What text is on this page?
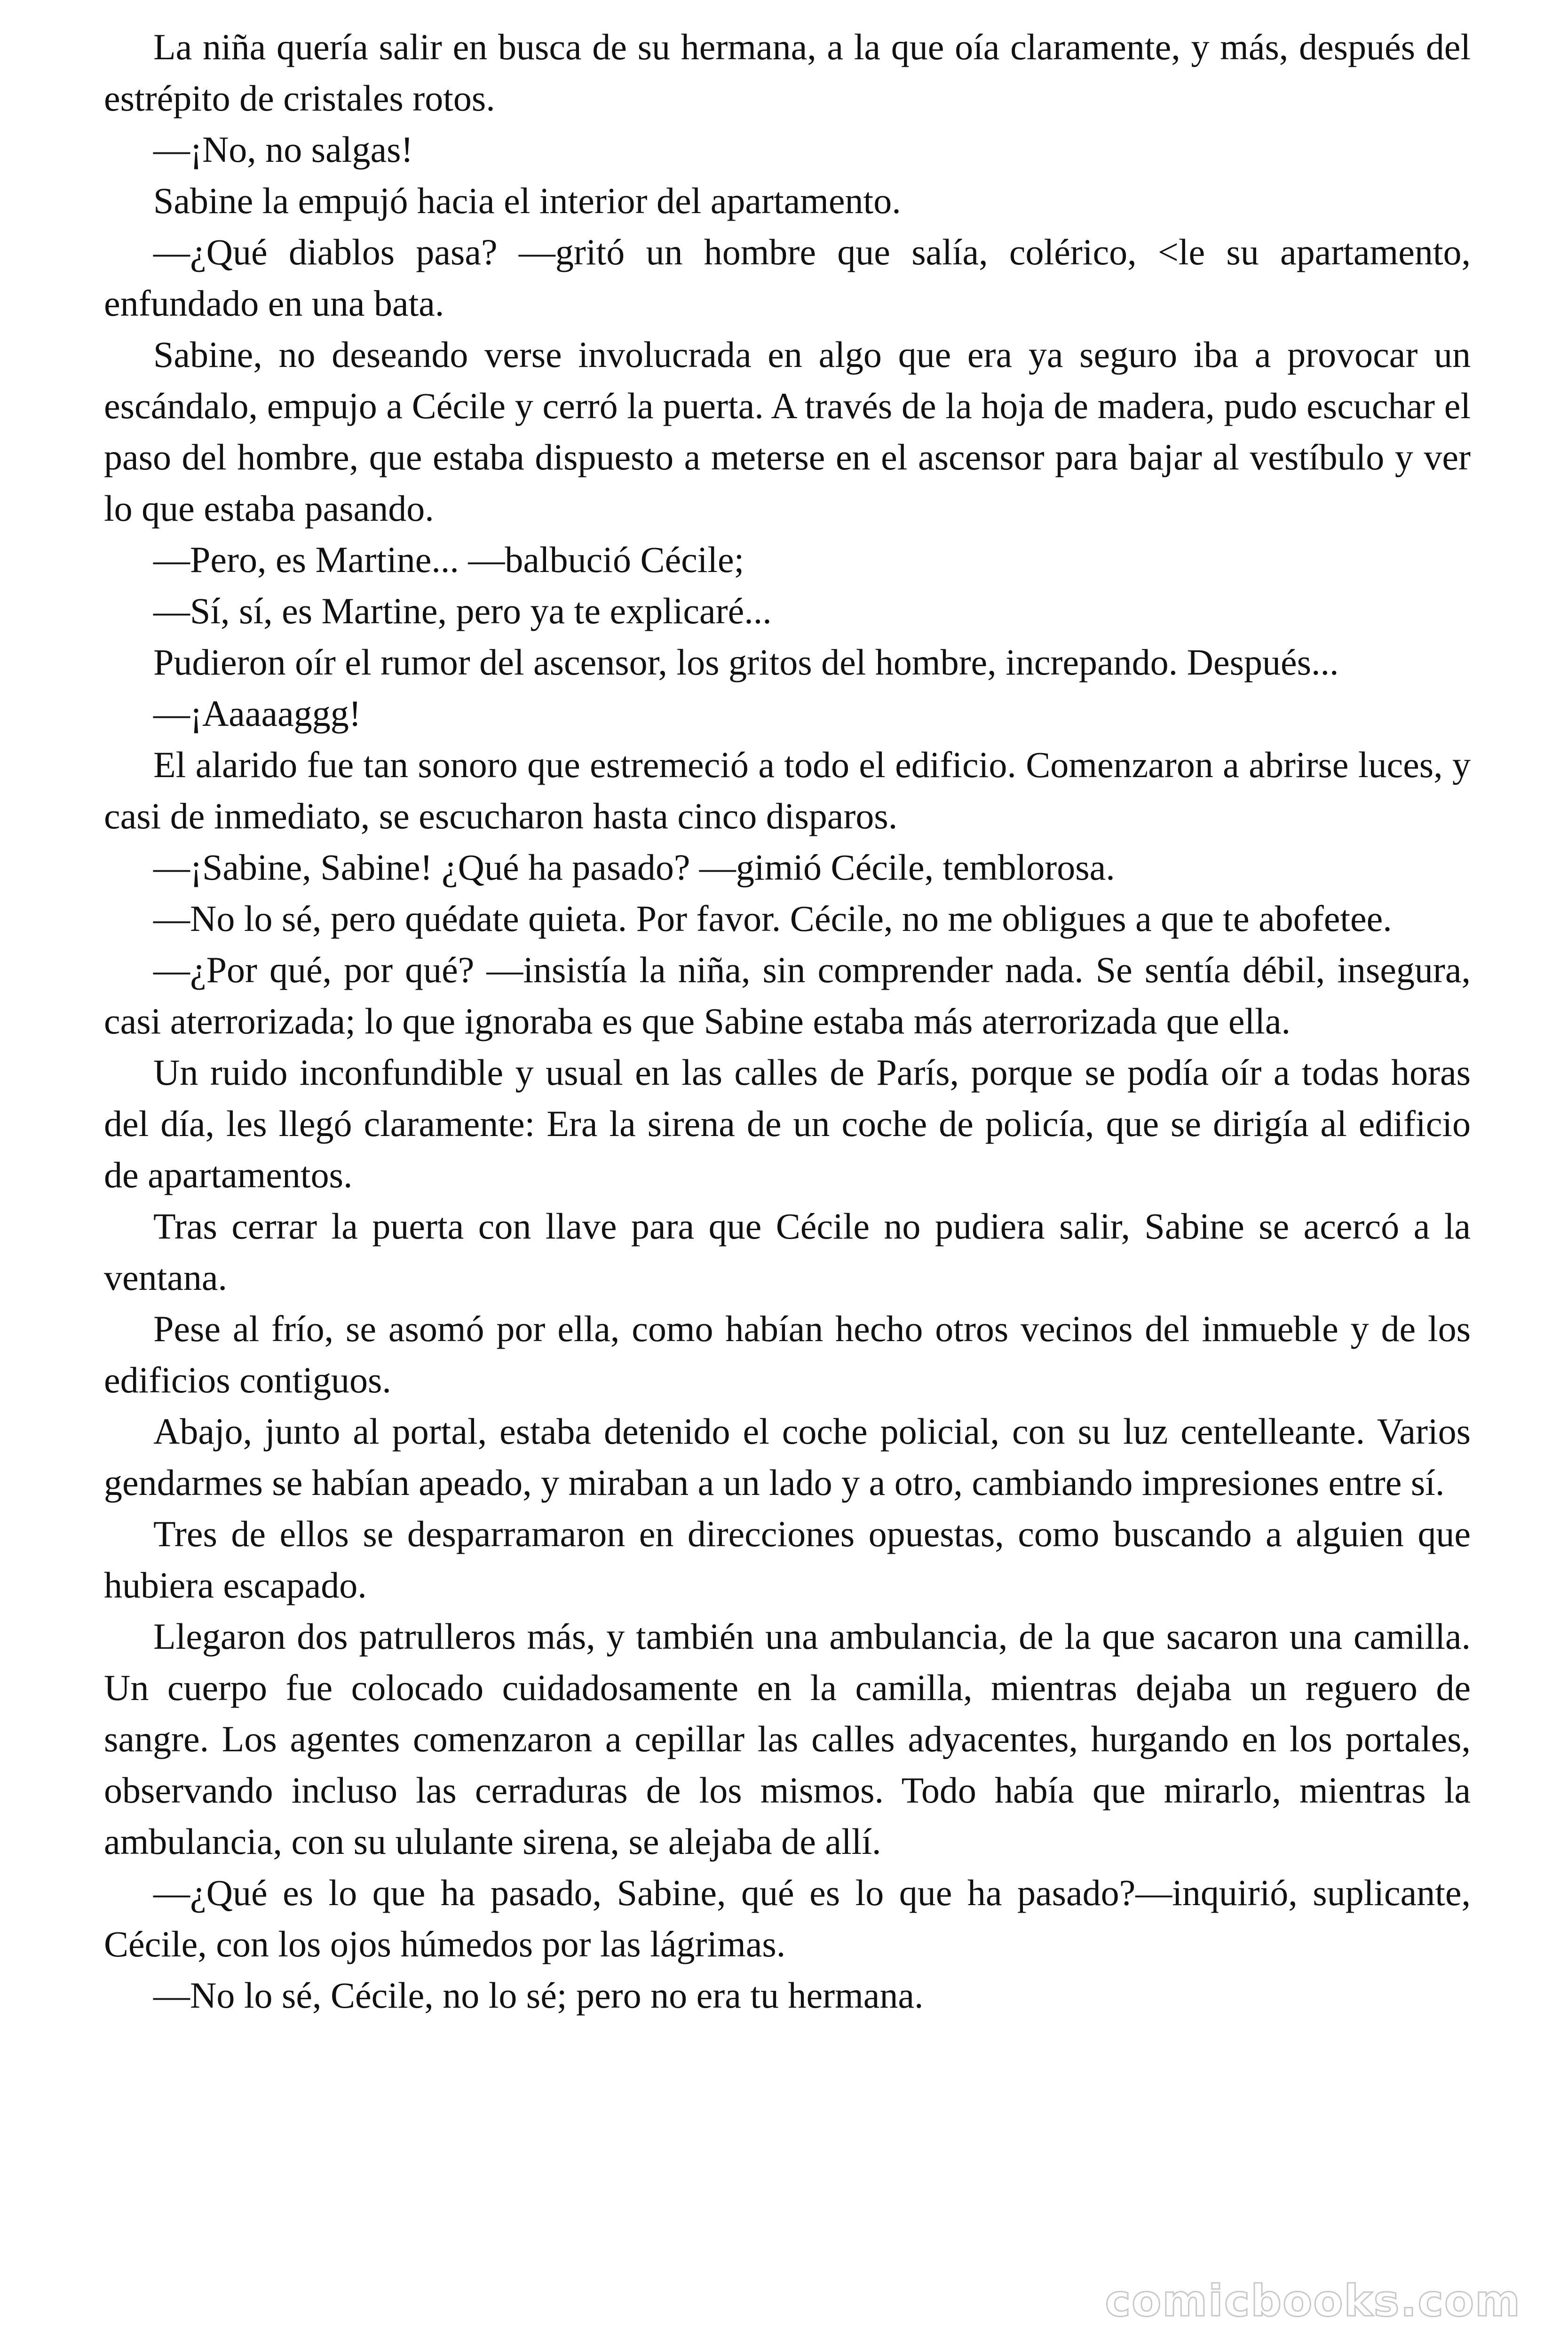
La niña quería salir en busca de su hermana, a la que oía claramente, y más, después del estrépito de cristales rotos.

—¡No, no salgas!

Sabine la empujó hacia el interior del apartamento.

—¿Qué diablos pasa? —gritó un hombre que salía, colérico, <le su apartamento, enfundado en una bata.

Sabine, no deseando verse involucrada en algo que era ya seguro iba a provocar un escándalo, empujo a Cécile y cerró la puerta. A través de la hoja de madera, pudo escuchar el paso del hombre, que estaba dispuesto a meterse en el ascensor para bajar al vestíbulo y ver lo que estaba pasando.

—Pero, es Martine... —balbució Cécile;

—Sí, sí, es Martine, pero ya te explicaré...

Pudieron oír el rumor del ascensor, los gritos del hombre, increpando. Después...

—¡Aaaaaggg!

El alarido fue tan sonoro que estremeció a todo el edificio. Comenzaron a abrirse luces, y casi de inmediato, se escucharon hasta cinco disparos.

—¡Sabine, Sabine! ¿Qué ha pasado? —gimió Cécile, temblorosa.

—No lo sé, pero quédate quieta. Por favor. Cécile, no me obligues a que te abofetee.

—¿Por qué, por qué? —insistía la niña, sin comprender nada. Se sentía débil, insegura, casi aterrorizada; lo que ignoraba es que Sabine estaba más aterrorizada que ella.

Un ruido inconfundible y usual en las calles de París, porque se podía oír a todas horas del día, les llegó claramente: Era la sirena de un coche de policía, que se dirigía al edificio de apartamentos.

Tras cerrar la puerta con llave para que Cécile no pudiera salir, Sabine se acercó a la ventana.

Pese al frío, se asomó por ella, como habían hecho otros vecinos del inmueble y de los edificios contiguos.

Abajo, junto al portal, estaba detenido el coche policial, con su luz centelleante. Varios gendarmes se habían apeado, y miraban a un lado y a otro, cambiando impresiones entre sí.

Tres de ellos se desparramaron en direcciones opuestas, como buscando a alguien que hubiera escapado.

Llegaron dos patrulleros más, y también una ambulancia, de la que sacaron una camilla. Un cuerpo fue colocado cuidadosamente en la camilla, mientras dejaba un reguero de sangre. Los agentes comenzaron a cepillar las calles adyacentes, hurgando en los portales, observando incluso las cerraduras de los mismos. Todo había que mirarlo, mientras la ambulancia, con su ululante sirena, se alejaba de allí.

—¿Qué es lo que ha pasado, Sabine, qué es lo que ha pasado?—inquirió, suplicante, Cécile, con los ojos húmedos por las lágrimas.

—No lo sé, Cécile, no lo sé; pero no era tu hermana.

comicbooks.com
